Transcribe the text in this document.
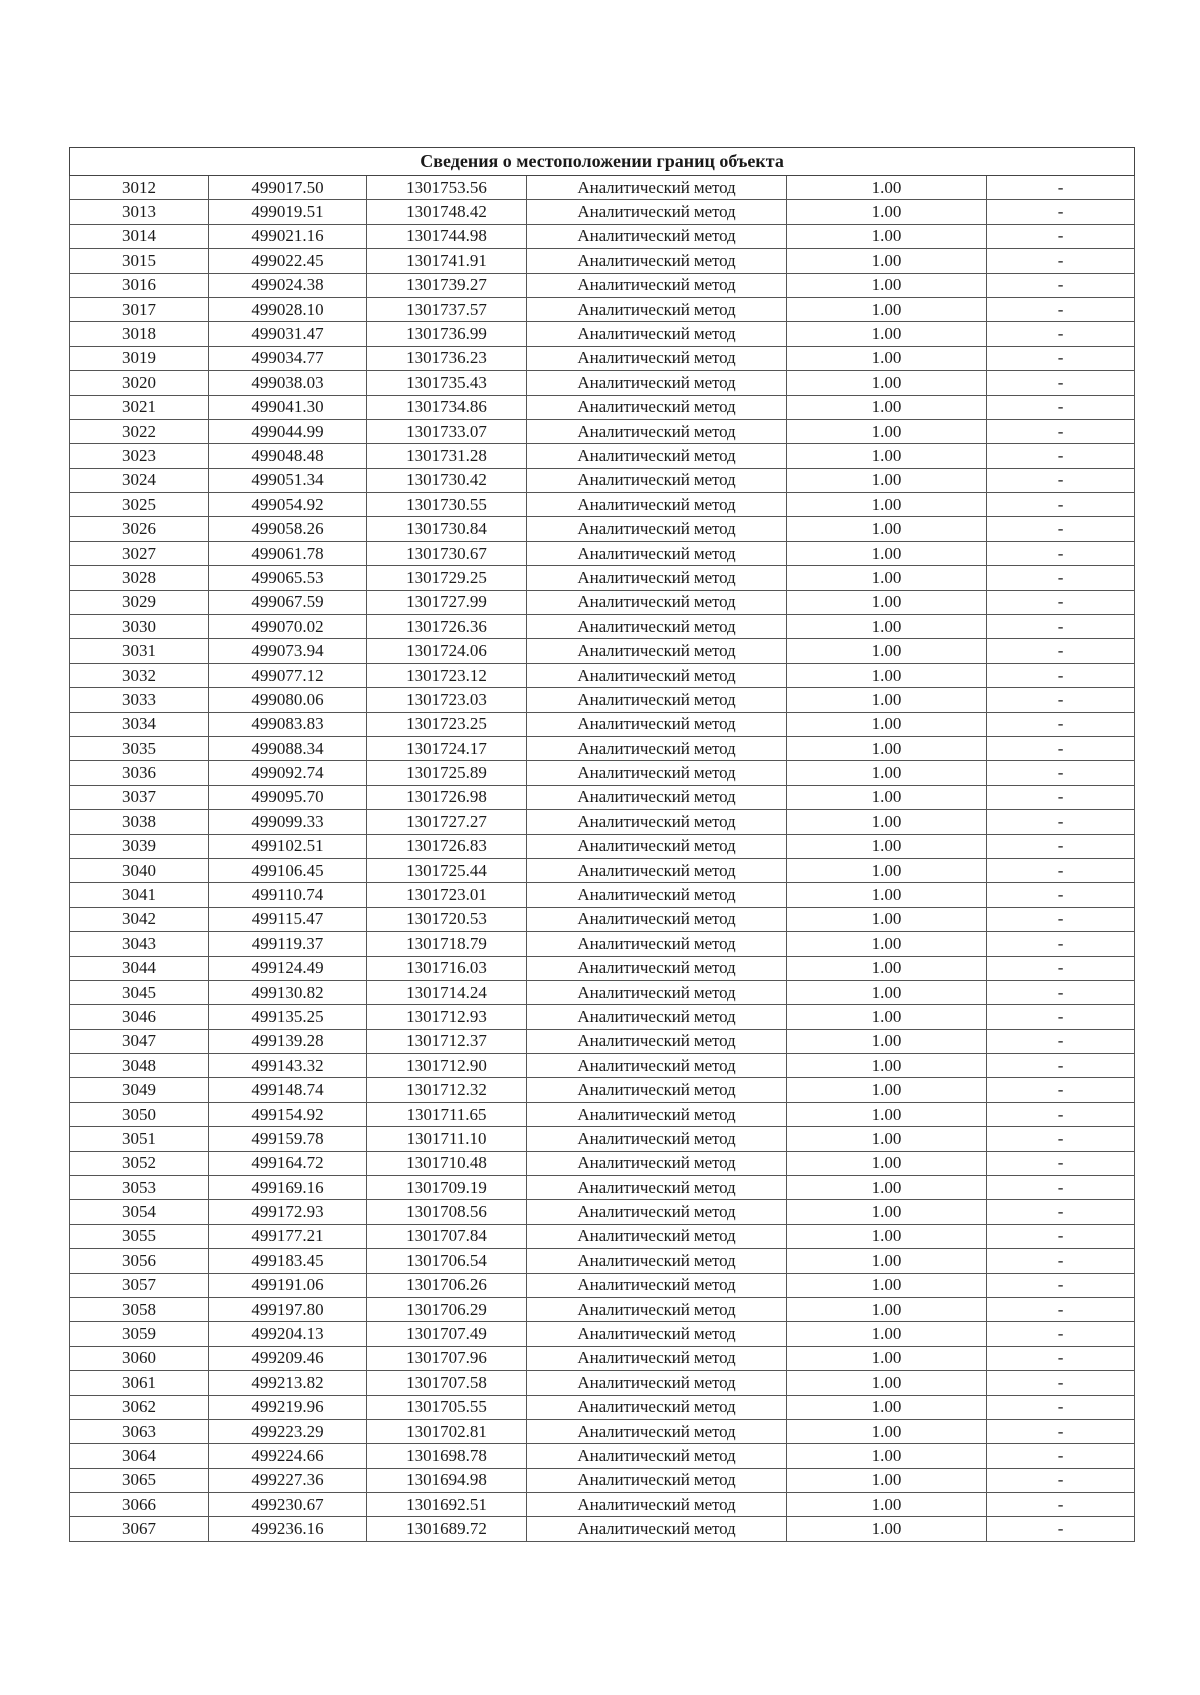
Сведения о местоположении границ объекта					
3012	499017.50	1301753.56	Аналитический метод	1.00	-
3013	499019.51	1301748.42	Аналитический метод	1.00	-
3014	499021.16	1301744.98	Аналитический метод	1.00	-
3015	499022.45	1301741.91	Аналитический метод	1.00	-
3016	499024.38	1301739.27	Аналитический метод	1.00	-
3017	499028.10	1301737.57	Аналитический метод	1.00	-
3018	499031.47	1301736.99	Аналитический метод	1.00	-
3019	499034.77	1301736.23	Аналитический метод	1.00	-
3020	499038.03	1301735.43	Аналитический метод	1.00	-
3021	499041.30	1301734.86	Аналитический метод	1.00	-
3022	499044.99	1301733.07	Аналитический метод	1.00	-
3023	499048.48	1301731.28	Аналитический метод	1.00	-
3024	499051.34	1301730.42	Аналитический метод	1.00	-
3025	499054.92	1301730.55	Аналитический метод	1.00	-
3026	499058.26	1301730.84	Аналитический метод	1.00	-
3027	499061.78	1301730.67	Аналитический метод	1.00	-
3028	499065.53	1301729.25	Аналитический метод	1.00	-
3029	499067.59	1301727.99	Аналитический метод	1.00	-
3030	499070.02	1301726.36	Аналитический метод	1.00	-
3031	499073.94	1301724.06	Аналитический метод	1.00	-
3032	499077.12	1301723.12	Аналитический метод	1.00	-
3033	499080.06	1301723.03	Аналитический метод	1.00	-
3034	499083.83	1301723.25	Аналитический метод	1.00	-
3035	499088.34	1301724.17	Аналитический метод	1.00	-
3036	499092.74	1301725.89	Аналитический метод	1.00	-
3037	499095.70	1301726.98	Аналитический метод	1.00	-
3038	499099.33	1301727.27	Аналитический метод	1.00	-
3039	499102.51	1301726.83	Аналитический метод	1.00	-
3040	499106.45	1301725.44	Аналитический метод	1.00	-
3041	499110.74	1301723.01	Аналитический метод	1.00	-
3042	499115.47	1301720.53	Аналитический метод	1.00	-
3043	499119.37	1301718.79	Аналитический метод	1.00	-
3044	499124.49	1301716.03	Аналитический метод	1.00	-
3045	499130.82	1301714.24	Аналитический метод	1.00	-
3046	499135.25	1301712.93	Аналитический метод	1.00	-
3047	499139.28	1301712.37	Аналитический метод	1.00	-
3048	499143.32	1301712.90	Аналитический метод	1.00	-
3049	499148.74	1301712.32	Аналитический метод	1.00	-
3050	499154.92	1301711.65	Аналитический метод	1.00	-
3051	499159.78	1301711.10	Аналитический метод	1.00	-
3052	499164.72	1301710.48	Аналитический метод	1.00	-
3053	499169.16	1301709.19	Аналитический метод	1.00	-
3054	499172.93	1301708.56	Аналитический метод	1.00	-
3055	499177.21	1301707.84	Аналитический метод	1.00	-
3056	499183.45	1301706.54	Аналитический метод	1.00	-
3057	499191.06	1301706.26	Аналитический метод	1.00	-
3058	499197.80	1301706.29	Аналитический метод	1.00	-
3059	499204.13	1301707.49	Аналитический метод	1.00	-
3060	499209.46	1301707.96	Аналитический метод	1.00	-
3061	499213.82	1301707.58	Аналитический метод	1.00	-
3062	499219.96	1301705.55	Аналитический метод	1.00	-
3063	499223.29	1301702.81	Аналитический метод	1.00	-
3064	499224.66	1301698.78	Аналитический метод	1.00	-
3065	499227.36	1301694.98	Аналитический метод	1.00	-
3066	499230.67	1301692.51	Аналитический метод	1.00	-
3067	499236.16	1301689.72	Аналитический метод	1.00	-
